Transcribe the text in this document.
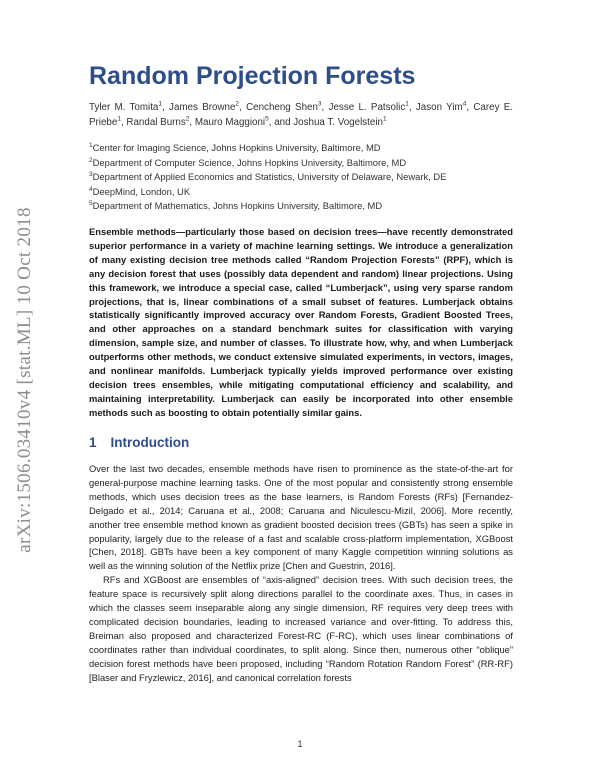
arXiv:1506.03410v4 [stat.ML] 10 Oct 2018
Random Projection Forests
Tyler M. Tomita$^1$, James Browne$^2$, Cencheng Shen$^3$, Jesse L. Patsolic$^1$, Jason Yim$^4$, Carey E. Priebe$^1$, Randal Burns$^2$, Mauro Maggioni$^5$, and Joshua T. Vogelstein$^1$
$^1$Center for Imaging Science, Johns Hopkins University, Baltimore, MD
$^2$Department of Computer Science, Johns Hopkins University, Baltimore, MD
$^3$Department of Applied Economics and Statistics, University of Delaware, Newark, DE
$^4$DeepMind, London, UK
$^5$Department of Mathematics, Johns Hopkins University, Baltimore, MD

Ensemble methods—particularly those based on decision trees—have recently demonstrated superior performance in a variety of machine learning settings. We introduce a generalization of many existing decision tree methods called “Random Projection Forests” (RPF), which is any decision forest that uses (possibly data dependent and random) linear projections. Using this framework, we introduce a special case, called “Lumberjack”, using very sparse random projections, that is, linear combinations of a small subset of features. Lumberjack obtains statistically significantly improved accuracy over Random Forests, Gradient Boosted Trees, and other approaches on a standard benchmark suites for classification with varying dimension, sample size, and number of classes. To illustrate how, why, and when Lumberjack outperforms other methods, we conduct extensive simulated experiments, in vectors, images, and nonlinear manifolds. Lumberjack typically yields improved performance over existing decision trees ensembles, while mitigating computational efficiency and scalability, and maintaining interpretability. Lumberjack can easily be incorporated into other ensemble methods such as boosting to obtain potentially similar gains.

1 Introduction

Over the last two decades, ensemble methods have risen to prominence as the state-of-the-art for general-purpose machine learning tasks. One of the most popular and consistently strong ensemble methods, which uses decision trees as the base learners, is Random Forests (RFs) [Fernandez-Delgado et al., 2014; Caruana et al., 2008; Caruana and Niculescu-Mizil, 2006]. More recently, another tree ensemble method known as gradient boosted decision trees (GBTs) has seen a spike in popularity, largely due to the release of a fast and scalable cross-platform implementation, XGBoost [Chen, 2018]. GBTs have been a key component of many Kaggle competition winning solutions as well as the winning solution of the Netflix prize [Chen and Guestrin, 2016].

RFs and XGBoost are ensembles of “axis-aligned” decision trees. With such decision trees, the feature space is recursively split along directions parallel to the coordinate axes. Thus, in cases in which the classes seem inseparable along any single dimension, RF requires very deep trees with complicated decision boundaries, leading to increased variance and over-fitting. To address this, Breiman also proposed and characterized Forest-RC (F-RC), which uses linear combinations of coordinates rather than individual coordinates, to split along. Since then, numerous other “oblique” decision forest methods have been proposed, including “Random Rotation Random Forest” (RR-RF) [Blaser and Fryzlewicz, 2016], and canonical correlation forests

1
